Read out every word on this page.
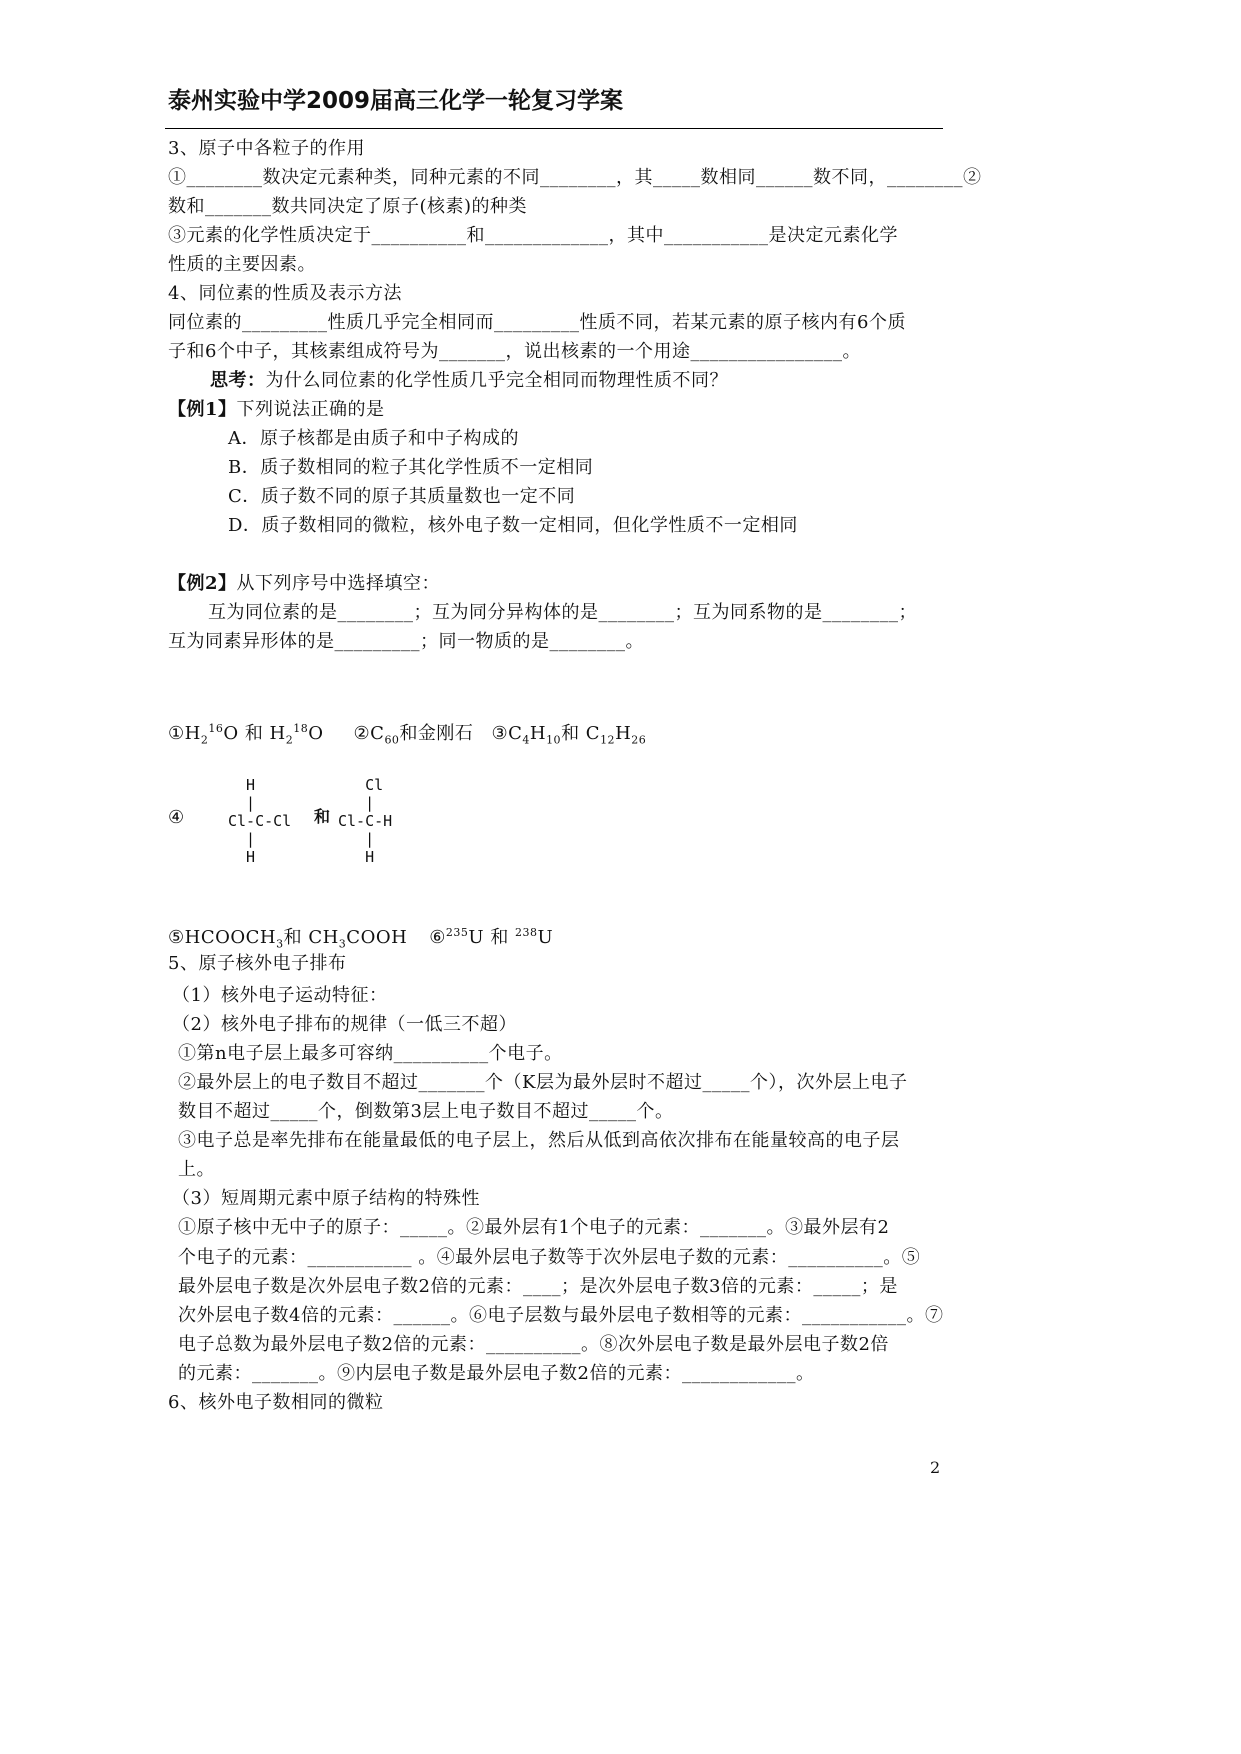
泰州实验中学2009届高三化学一轮复习学案
3、原子中各粒子的作用
①________数决定元素种类，同种元素的不同________，其_____数相同______数不同，________②
数和_______数共同决定了原子(核素)的种类
③元素的化学性质决定于__________和_____________，其中___________是决定元素化学
性质的主要因素。
4、同位素的性质及表示方法
同位素的_________性质几乎完全相同而_________性质不同，若某元素的原子核内有6个质
子和6个中子，其核素组成符号为_______，说出核素的一个用途________________。
思考：为什么同位素的化学性质几乎完全相同而物理性质不同？
【例1】下列说法正确的是
A．原子核都是由质子和中子构成的
B．质子数相同的粒子其化学性质不一定相同
C．质子数不同的原子其质量数也一定不同
D．质子数相同的微粒，核外电子数一定相同，但化学性质不一定相同
【例2】从下列序号中选择填空：
互为同位素的是________；互为同分异构体的是________；互为同系物的是________；
互为同素异形体的是_________；同一物质的是________。
$①H_2^{16}O$ 和 $H_2^{18}O$ $②C_{60}$和金刚石 $③C_4H_{10}$和 $C_{12}H_{26}$
④
H
|
Cl-C-Cl
|
H
和
Cl
|
Cl-C-H
|
H
$⑤HCOOCH_3$和 $CH_3COOH$ ⑥$^{235}$U 和 $^{238}$U
5、原子核外电子排布
（1）核外电子运动特征：
（2）核外电子排布的规律（一低三不超）
①第n电子层上最多可容纳__________个电子。
②最外层上的电子数目不超过_______个（K层为最外层时不超过_____个），次外层上电子
数目不超过_____个，倒数第3层上电子数目不超过_____个。
③电子总是率先排布在能量最低的电子层上，然后从低到高依次排布在能量较高的电子层
上。
（3）短周期元素中原子结构的特殊性
①原子核中无中子的原子：_____。②最外层有1个电子的元素：_______。③最外层有2
个电子的元素：___________ 。④最外层电子数等于次外层电子数的元素：__________。⑤
最外层电子数是次外层电子数2倍的元素：____；是次外层电子数3倍的元素：_____；是
次外层电子数4倍的元素：______。⑥电子层数与最外层电子数相等的元素：___________。⑦
电子总数为最外层电子数2倍的元素：__________。⑧次外层电子数是最外层电子数2倍
的元素：_______。⑨内层电子数是最外层电子数2倍的元素：____________。
6、核外电子数相同的微粒
2
